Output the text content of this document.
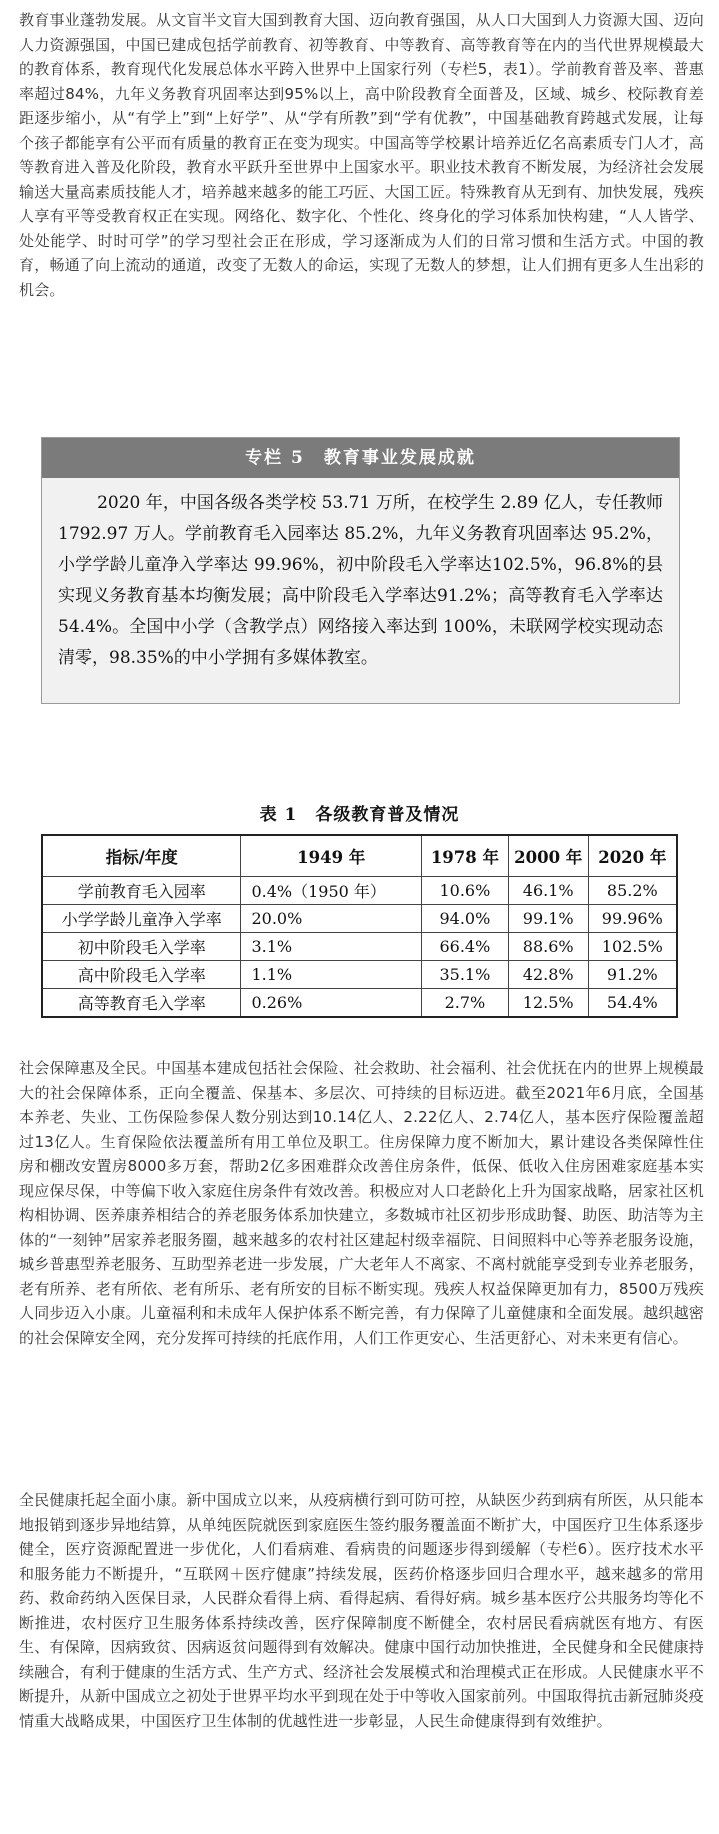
教育事业蓬勃发展。从文盲半文盲大国到教育大国、迈向教育强国，从人口大国到人力资源大国、迈向人力资源强国，中国已建成包括学前教育、初等教育、中等教育、高等教育等在内的当代世界规模最大的教育体系，教育现代化发展总体水平跨入世界中上国家行列（专栏5，表1）。学前教育普及率、普惠率超过84%，九年义务教育巩固率达到95%以上，高中阶段教育全面普及，区域、城乡、校际教育差距逐步缩小，从“有学上”到“上好学”、从“学有所教”到“学有优教”，中国基础教育跨越式发展，让每个孩子都能享有公平而有质量的教育正在变为现实。中国高等学校累计培养近亿名高素质专门人才，高等教育进入普及化阶段，教育水平跃升至世界中上国家水平。职业技术教育不断发展，为经济社会发展输送大量高素质技能人才，培养越来越多的能工巧匠、大国工匠。特殊教育从无到有、加快发展，残疾人享有平等受教育权正在实现。网络化、数字化、个性化、终身化的学习体系加快构建，“人人皆学、处处能学、时时可学”的学习型社会正在形成，学习逐渐成为人们的日常习惯和生活方式。中国的教育，畅通了向上流动的通道，改变了无数人的命运，实现了无数人的梦想，让人们拥有更多人生出彩的机会。

专栏 5　教育事业发展成就

2020 年，中国各级各类学校 53.71 万所，在校学生 2.89 亿人，专任教师 1792.97 万人。学前教育毛入园率达 85.2%，九年义务教育巩固率达 95.2%，小学学龄儿童净入学率达 99.96%，初中阶段毛入学率达102.5%，96.8%的县实现义务教育基本均衡发展；高中阶段毛入学率达91.2%；高等教育毛入学率达 54.4%。全国中小学（含教学点）网络接入率达到 100%，未联网学校实现动态清零，98.35%的中小学拥有多媒体教室。

表 1　各级教育普及情况
指标/年度	1949 年	1978 年	2000 年	2020 年
学前教育毛入园率	0.4%（1950 年）	10.6%	46.1%	85.2%
小学学龄儿童净入学率	20.0%	94.0%	99.1%	99.96%
初中阶段毛入学率	3.1%	66.4%	88.6%	102.5%
高中阶段毛入学率	1.1%	35.1%	42.8%	91.2%
高等教育毛入学率	0.26%	2.7%	12.5%	54.4%

社会保障惠及全民。中国基本建成包括社会保险、社会救助、社会福利、社会优抚在内的世界上规模最大的社会保障体系，正向全覆盖、保基本、多层次、可持续的目标迈进。截至2021年6月底，全国基本养老、失业、工伤保险参保人数分别达到10.14亿人、2.22亿人、2.74亿人，基本医疗保险覆盖超过13亿人。生育保险依法覆盖所有用工单位及职工。住房保障力度不断加大，累计建设各类保障性住房和棚改安置房8000多万套，帮助2亿多困难群众改善住房条件，低保、低收入住房困难家庭基本实现应保尽保，中等偏下收入家庭住房条件有效改善。积极应对人口老龄化上升为国家战略，居家社区机构相协调、医养康养相结合的养老服务体系加快建立，多数城市社区初步形成助餐、助医、助洁等为主体的“一刻钟”居家养老服务圈，越来越多的农村社区建起村级幸福院、日间照料中心等养老服务设施，城乡普惠型养老服务、互助型养老进一步发展，广大老年人不离家、不离村就能享受到专业养老服务，老有所养、老有所依、老有所乐、老有所安的目标不断实现。残疾人权益保障更加有力，8500万残疾人同步迈入小康。儿童福利和未成年人保护体系不断完善，有力保障了儿童健康和全面发展。越织越密的社会保障安全网，充分发挥可持续的托底作用，人们工作更安心、生活更舒心、对未来更有信心。

全民健康托起全面小康。新中国成立以来，从疫病横行到可防可控，从缺医少药到病有所医，从只能本地报销到逐步异地结算，从单纯医院就医到家庭医生签约服务覆盖面不断扩大，中国医疗卫生体系逐步健全，医疗资源配置进一步优化，人们看病难、看病贵的问题逐步得到缓解（专栏6）。医疗技术水平和服务能力不断提升，“互联网＋医疗健康”持续发展，医药价格逐步回归合理水平，越来越多的常用药、救命药纳入医保目录，人民群众看得上病、看得起病、看得好病。城乡基本医疗公共服务均等化不断推进，农村医疗卫生服务体系持续改善，医疗保障制度不断健全，农村居民看病就医有地方、有医生、有保障，因病致贫、因病返贫问题得到有效解决。健康中国行动加快推进，全民健身和全民健康持续融合，有利于健康的生活方式、生产方式、经济社会发展模式和治理模式正在形成。人民健康水平不断提升，从新中国成立之初处于世界平均水平到现在处于中等收入国家前列。中国取得抗击新冠肺炎疫情重大战略成果，中国医疗卫生体制的优越性进一步彰显，人民生命健康得到有效维护。
